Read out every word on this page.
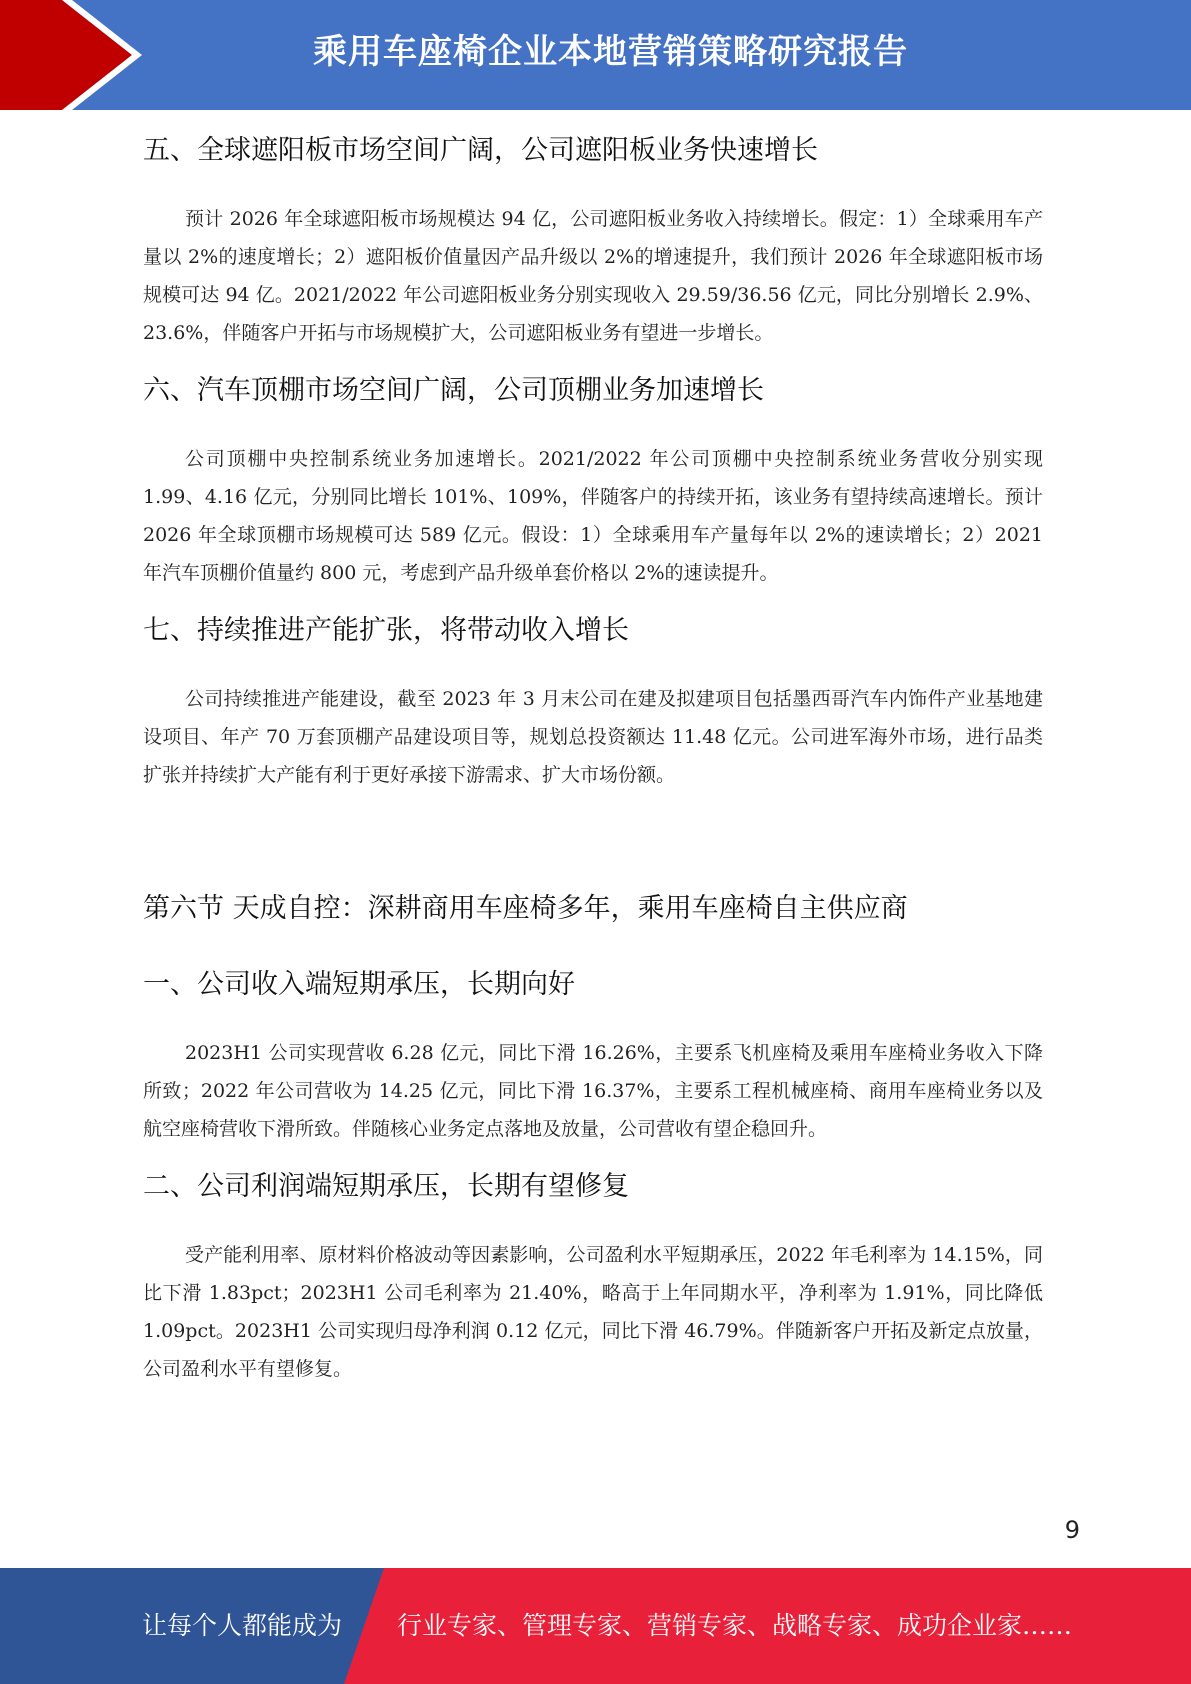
乘用车座椅企业本地营销策略研究报告
五、全球遮阳板市场空间广阔，公司遮阳板业务快速增长

预计 2026 年全球遮阳板市场规模达 94 亿，公司遮阳板业务收入持续增长。假定：1）全球乘用车产量以 2%的速度增长；2）遮阳板价值量因产品升级以 2%的增速提升，我们预计 2026 年全球遮阳板市场规模可达 94 亿。2021/2022 年公司遮阳板业务分别实现收入 29.59/36.56 亿元，同比分别增长 2.9%、23.6%，伴随客户开拓与市场规模扩大，公司遮阳板业务有望进一步增长。

六、汽车顶棚市场空间广阔，公司顶棚业务加速增长

公司顶棚中央控制系统业务加速增长。2021/2022 年公司顶棚中央控制系统业务营收分别实现 1.99、4.16 亿元，分别同比增长 101%、109%，伴随客户的持续开拓，该业务有望持续高速增长。预计 2026 年全球顶棚市场规模可达 589 亿元。假设：1）全球乘用车产量每年以 2%的速读增长；2）2021 年汽车顶棚价值量约 800 元，考虑到产品升级单套价格以 2%的速读提升。

七、持续推进产能扩张，将带动收入增长

公司持续推进产能建设，截至 2023 年 3 月末公司在建及拟建项目包括墨西哥汽车内饰件产业基地建设项目、年产 70 万套顶棚产品建设项目等，规划总投资额达 11.48 亿元。公司进军海外市场，进行品类扩张并持续扩大产能有利于更好承接下游需求、扩大市场份额。

第六节 天成自控：深耕商用车座椅多年，乘用车座椅自主供应商
一、公司收入端短期承压，长期向好

2023H1 公司实现营收 6.28 亿元，同比下滑 16.26%，主要系飞机座椅及乘用车座椅业务收入下降所致；2022 年公司营收为 14.25 亿元，同比下滑 16.37%，主要系工程机械座椅、商用车座椅业务以及航空座椅营收下滑所致。伴随核心业务定点落地及放量，公司营收有望企稳回升。

二、公司利润端短期承压，长期有望修复

受产能利用率、原材料价格波动等因素影响，公司盈利水平短期承压，2022 年毛利率为 14.15%，同比下滑 1.83pct；2023H1 公司毛利率为 21.40%，略高于上年同期水平，净利率为 1.91%，同比降低 1.09pct。2023H1 公司实现归母净利润 0.12 亿元，同比下滑 46.79%。伴随新客户开拓及新定点放量，公司盈利水平有望修复。

9
让每个人都能成为 行业专家、管理专家、营销专家、战略专家、成功企业家……
